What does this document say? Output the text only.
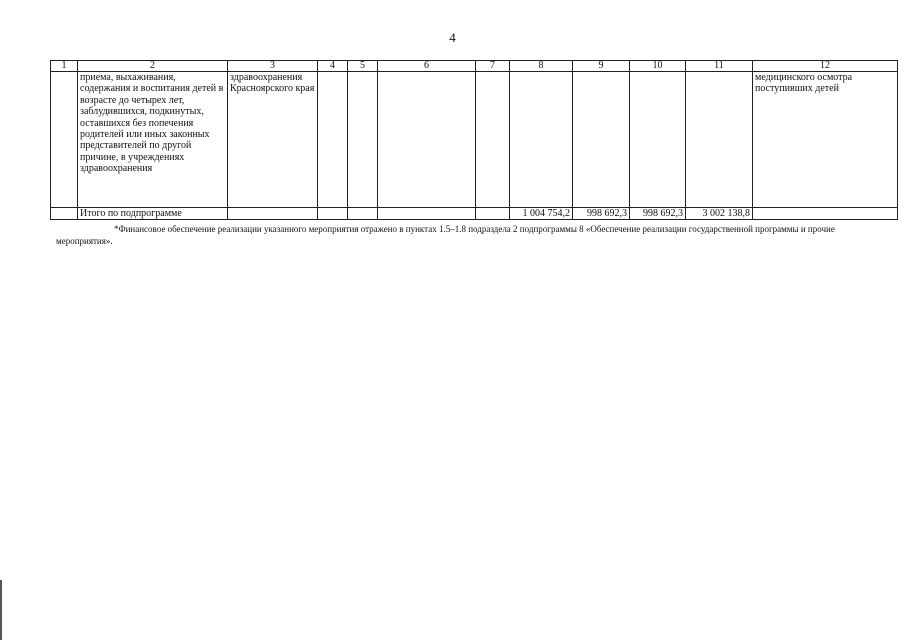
4
1	2	3	4	5	6	7	8	9	10	11	12
	приема, выхаживания, содержания и воспитания детей в возрасте до четырех лет, заблудившихся, подкинутых, оставшихся без попечения родителей или иных законных представителей по другой причине, в учреждениях здравоохранения	здравоохранения Красноярского края									медицинского осмотра поступивших детей
	Итого по подпрограмме						1 004 754,2	998 692,3	998 692,3	3 002 138,8	
*Финансовое обеспечение реализации указанного мероприятия отражено в пунктах 1.5–1.8 подраздела 2 подпрограммы 8 «Обеспечение реализации государственной программы и прочие мероприятия».
